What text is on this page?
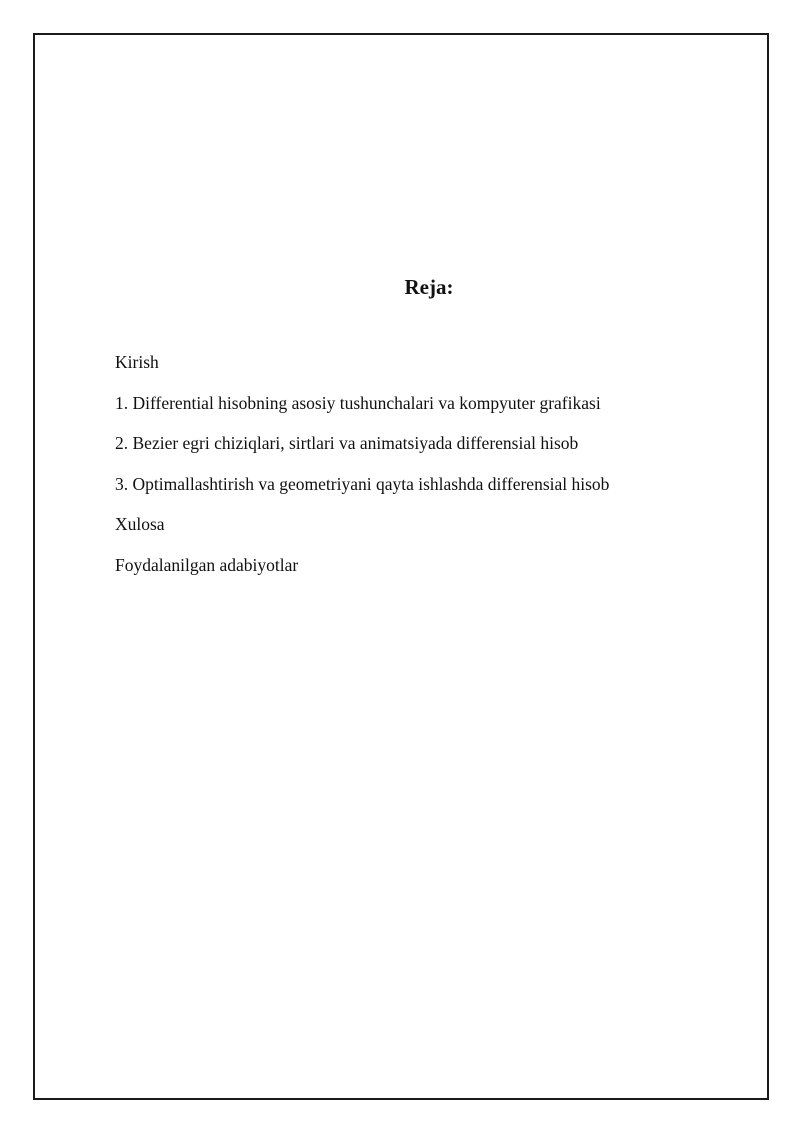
Reja:
Kirish
1. Differential hisobning asosiy tushunchalari va kompyuter grafikasi
2. Bezier egri chiziqlari, sirtlari va animatsiyada differensial hisob
3. Optimallashtirish va geometriyani qayta ishlashda differensial hisob
Xulosa
Foydalanilgan adabiyotlar
